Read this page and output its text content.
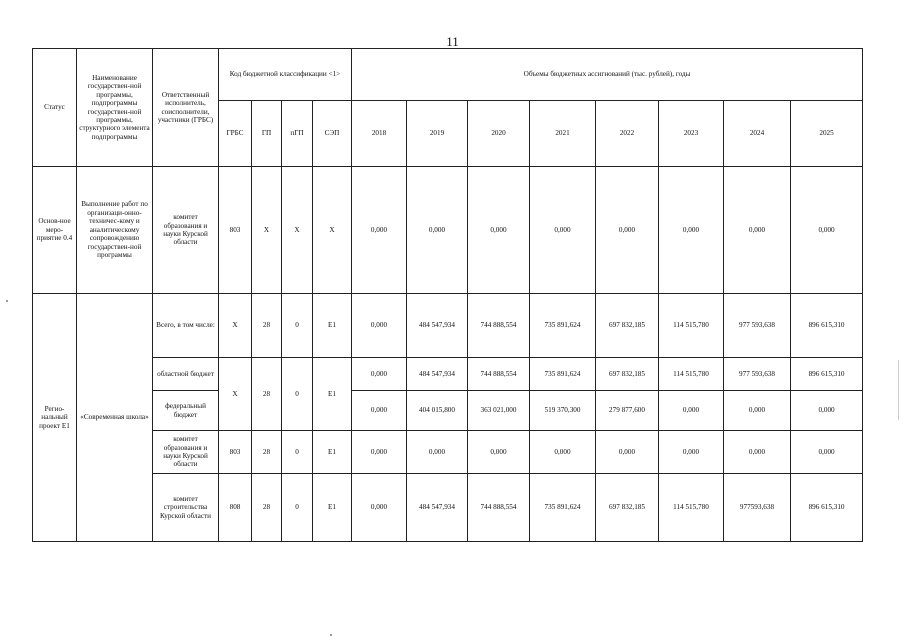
11
Статус	Наименование государствен-ной программы, подпрограммы государствен-ной программы, структурного элемента подпрограммы	Ответственный исполнитель, соисполнители, участники (ГРБС)	Код бюджетной классификации <1>				Объемы бюджетных ассигнований (тыс. рублей), годы							
			ГРБС	ГП	пГП	СЭП	2018	2019	2020	2021	2022	2023	2024	2025
Основ-ное меро-приятие 0.4	Выполнение работ по организаци-онно-техничес-кому и аналитическому сопровождению государствен-ной программы	комитет образования и науки Курской области	803	Х	Х	Х	0,000	0,000	0,000	0,000	0,000	0,000	0,000	0,000
Регио-нальный проект Е1	«Современная школа»	Всего, в том числе:	Х	28	0	Е1	0,000	484 547,934	744 888,554	735 891,624	697 832,185	114 515,780	977 593,638	896 615,310
		областной бюджет	Х	28	0	Е1	0,000	484 547,934	744 888,554	735 891,624	697 832,185	114 515,780	977 593,638	896 615,310
		федеральный бюджет					0,000	404 015,800	363 021,000	519 370,300	279 877,600	0,000	0,000	0,000
		комитет образования и науки Курской области	803	28	0	Е1	0,000	0,000	0,000	0,000	0,000	0,000	0,000	0,000
		комитет строительства Курской области	808	28	0	Е1	0,000	484 547,934	744 888,554	735 891,624	697 832,185	114 515,780	977593,638	896 615,310
